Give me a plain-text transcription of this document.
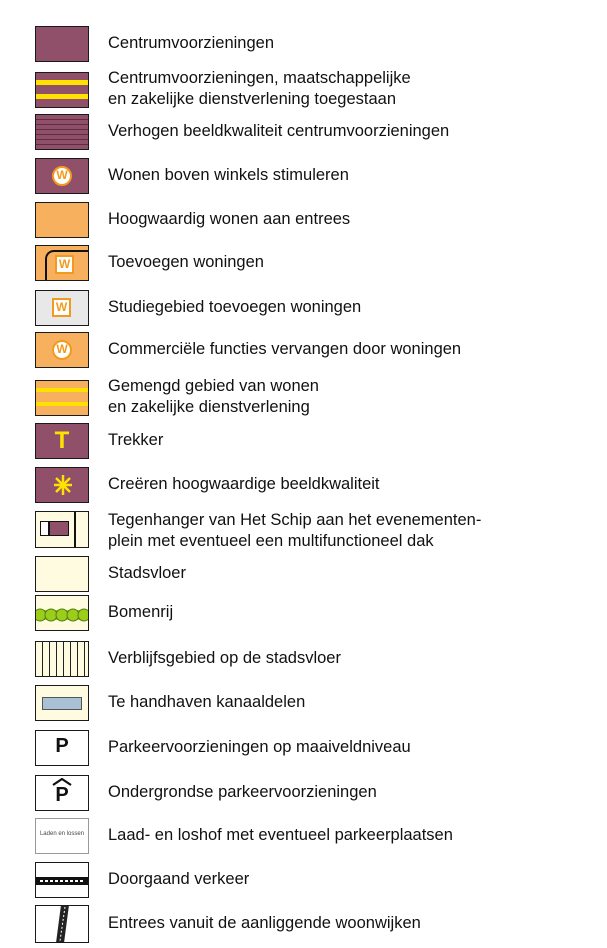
Centrumvoorzieningen
Centrumvoorzieningen, maatschappelijke
en zakelijke dienstverlening toegestaan
Verhogen beeldkwaliteit centrumvoorzieningen
W Wonen boven winkels stimuleren
Hoogwaardig wonen aan entrees
W Toevoegen woningen
W Studiegebied toevoegen woningen
W Commerciële functies vervangen door woningen
Gemengd gebied van wonen
en zakelijke dienstverlening
T	Trekker
Creëren hoogwaardige beeldkwaliteit
Tegenhanger van Het Schip aan het evenementen-
plein met eventueel een multifunctioneel dak
Stadsvloer
Bomenrij
Verblijfsgebied op de stadsvloer
Te handhaven kanaaldelen
P	Parkeervoorzieningen op maaiveldniveau
P	Ondergrondse parkeervoorzieningen
Laden en lossen Laad- en loshof met eventueel parkeerplaatsen
Doorgaand verkeer
Entrees vanuit de aanliggende woonwijken
